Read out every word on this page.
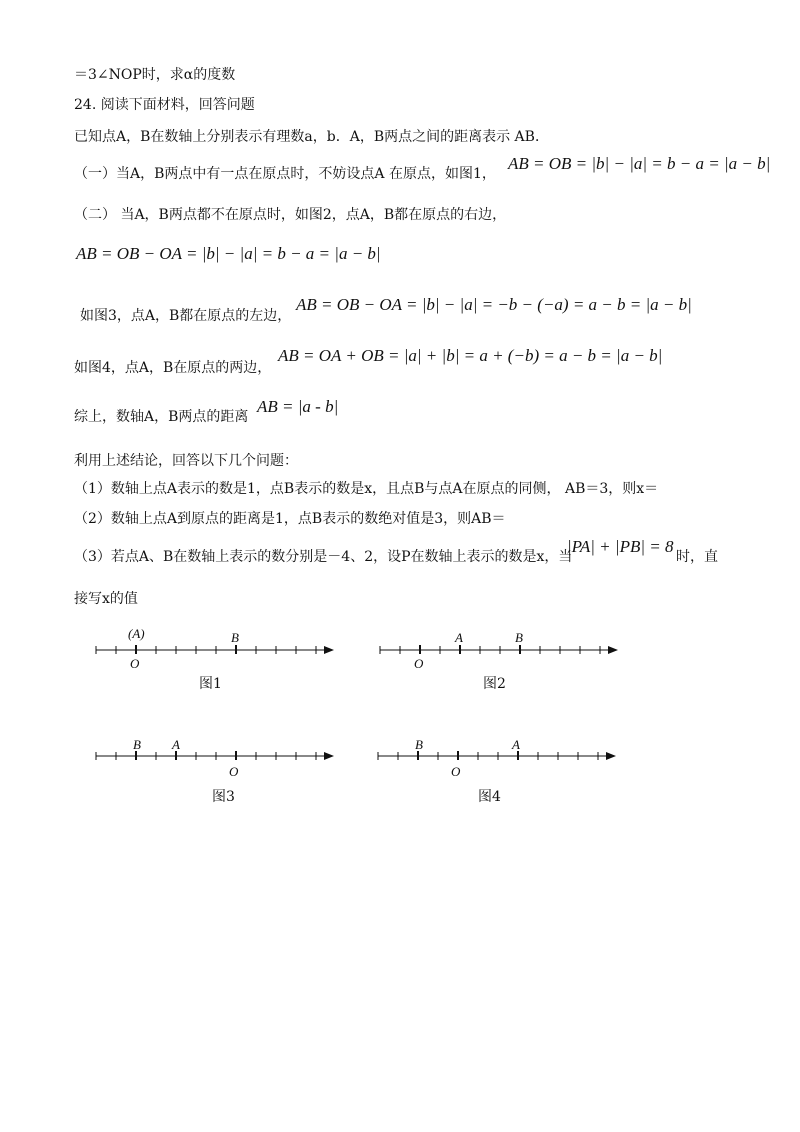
＝3∠NOP时，求α的度数
24. 阅读下面材料，回答问题
已知点A，B在数轴上分别表示有理数a，b．A，B两点之间的距离表示 AB．
（一）当A，B两点中有一点在原点时，不妨设点A 在原点，如图1，
AB = OB = |b| − |a| = b − a = |a − b|
（二） 当A，B两点都不在原点时，如图2，点A，B都在原点的右边，
AB = OB − OA = |b| − |a| = b − a = |a − b|
如图3，点A，B都在原点的左边，
AB = OB − OA = |b| − |a| = −b − (−a) = a − b = |a − b|
如图4，点A，B在原点的两边，
AB = OA + OB = |a| + |b| = a + (−b) = a − b = |a − b|
综上，数轴A，B两点的距离
AB = |a - b|
利用上述结论，回答以下几个问题：
（1）数轴上点A表示的数是1，点B表示的数是x，且点B与点A在原点的同侧， AB＝3，则x＝
（2）数轴上点A到原点的距离是1，点B表示的数绝对值是3，则AB＝
（3）若点A、B在数轴上表示的数分别是－4、2，设P在数轴上表示的数是x，当
|PA| + |PB| = 8
时，直
接写x的值
(A)	B
O
图1
A	B
O
图2
B A
O
图3
B	A
O
图4
